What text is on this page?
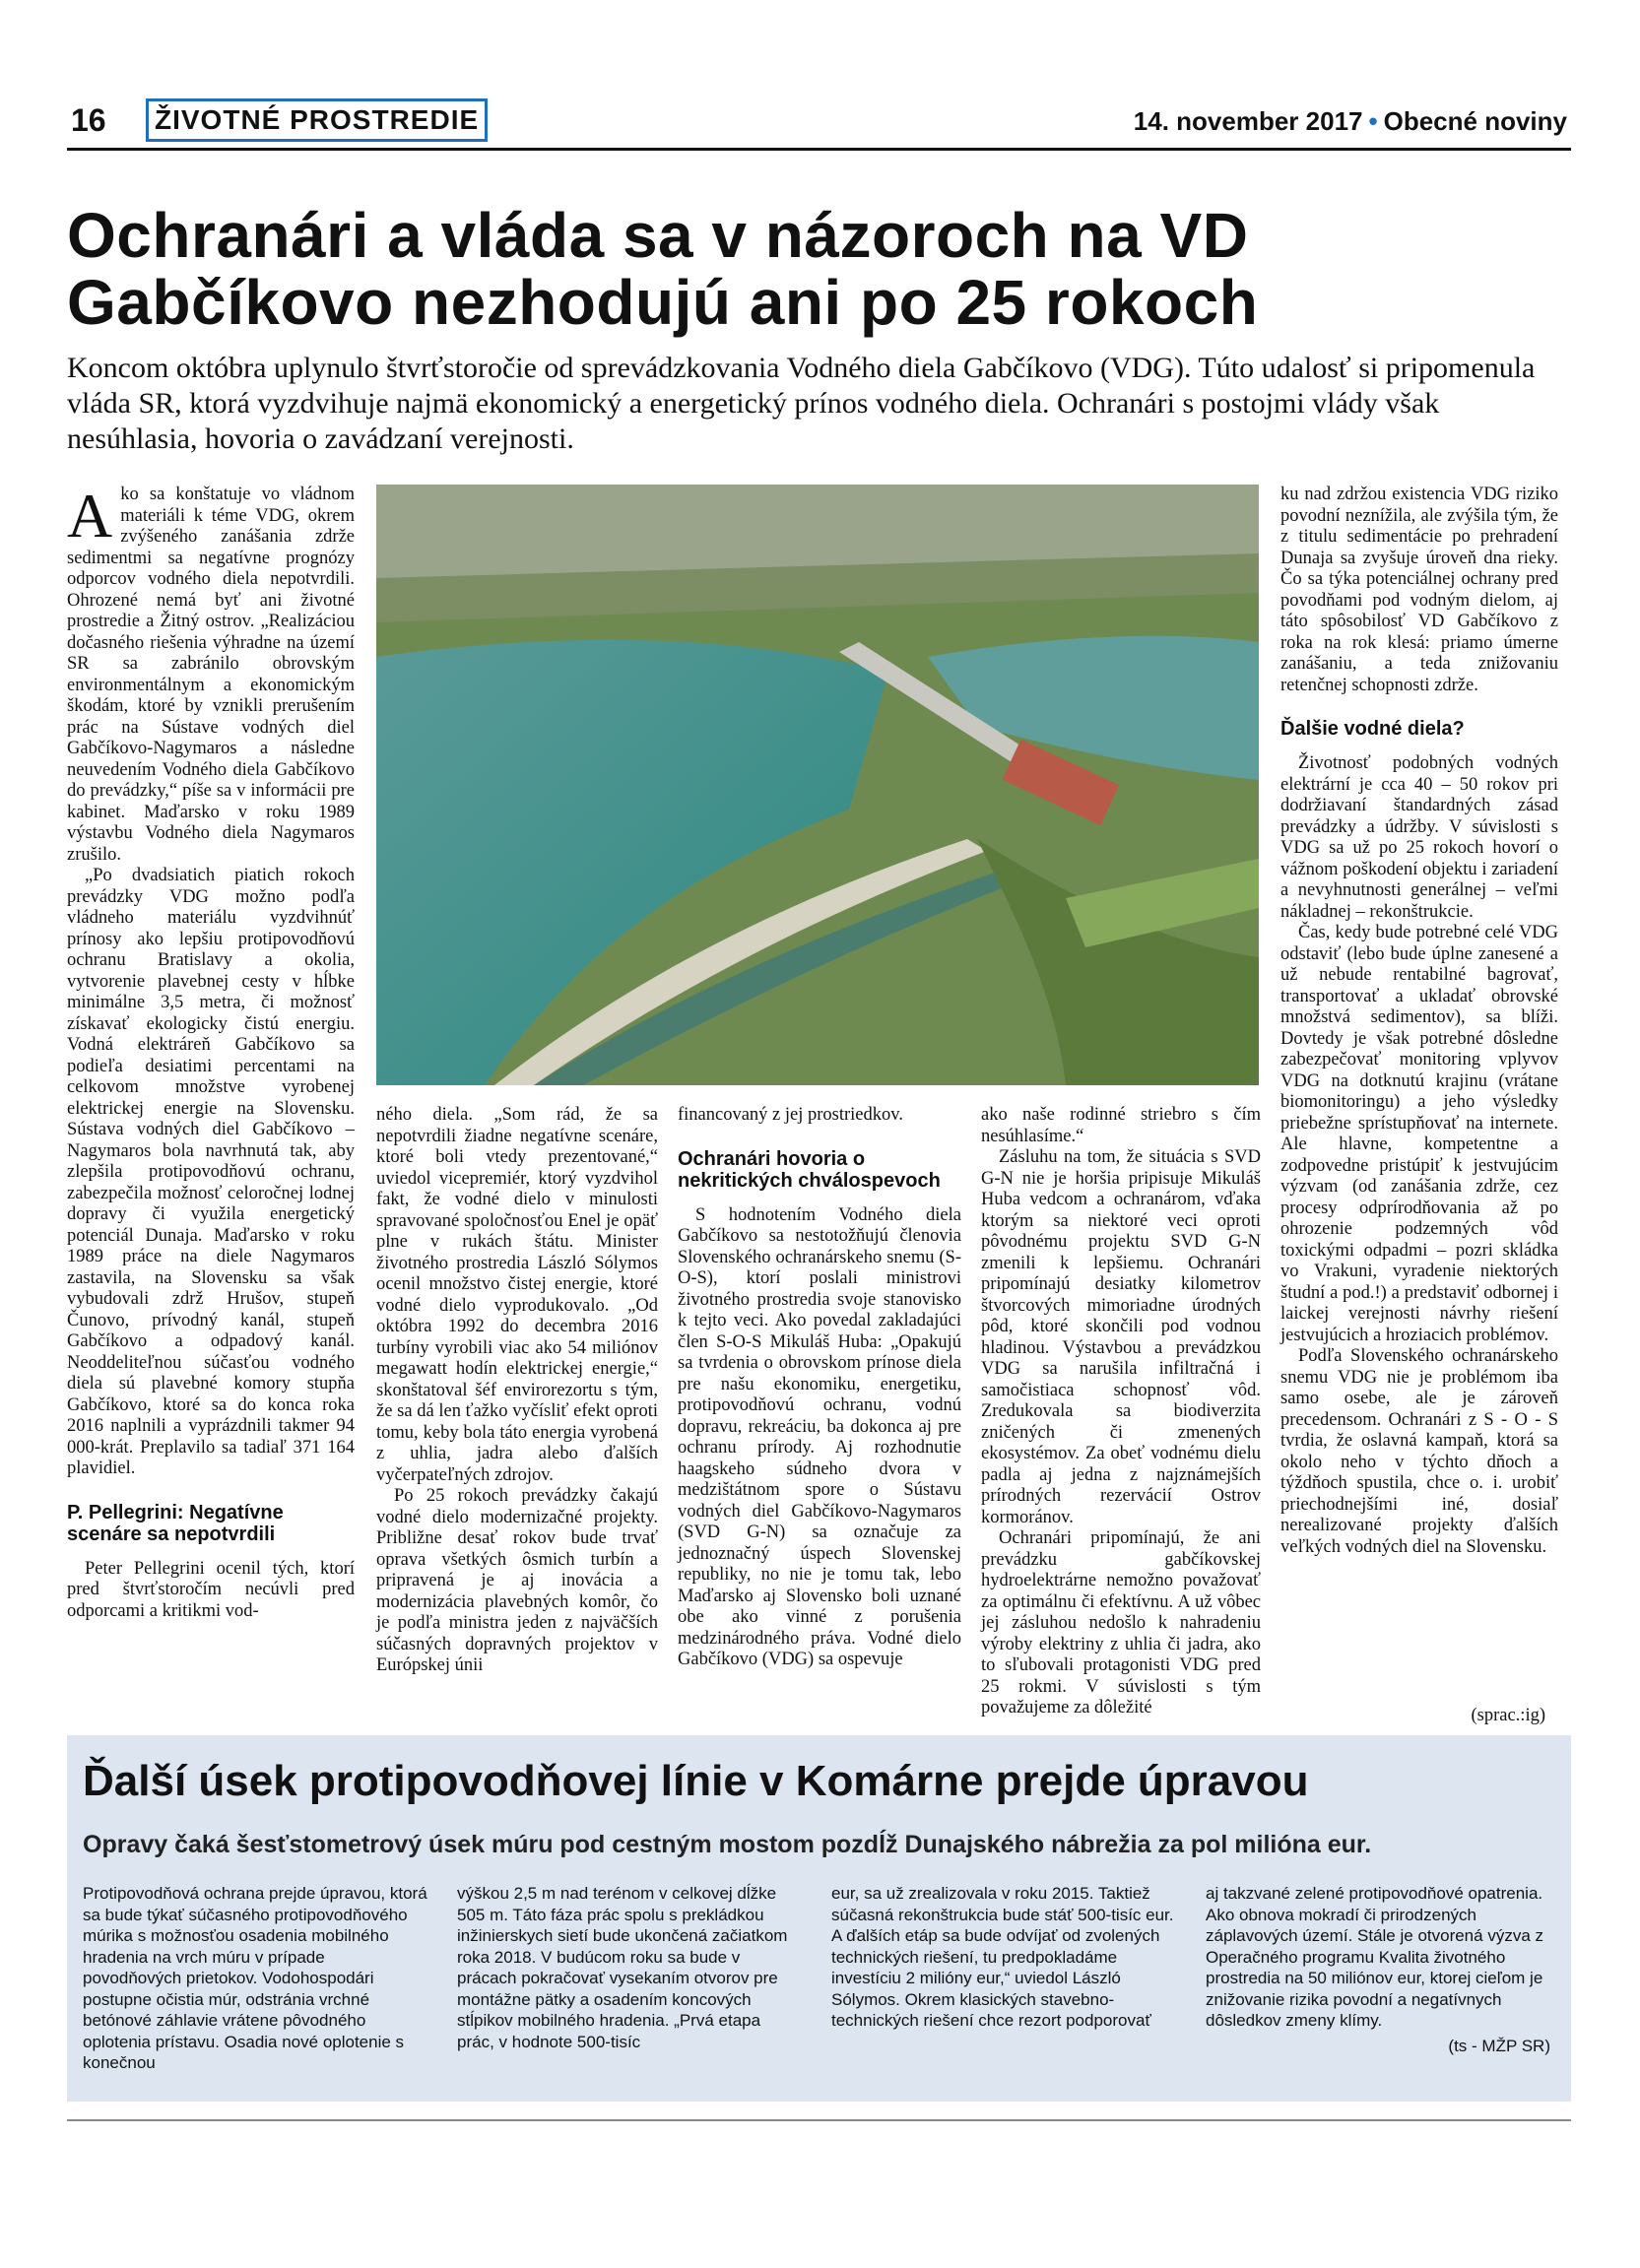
16	ŽIVOTNÉ PROSTREDIE	14. november 2017 • Obecné noviny
Ochranári a vláda sa v názoroch na VD
Gabčíkovo nezhodujú ani po 25 rokoch

Koncom októbra uplynulo štvrťstoročie od sprevádzkovania Vodného diela Gabčíkovo (VDG). Túto udalosť si pripomenula vláda SR, ktorá vyzdvihuje najmä ekonomický a energetický prínos vodného diela. Ochranári s postojmi vlády však nesúhlasia, hovoria o zavádzaní verejnosti.

Ako sa konštatuje vo vládnom materiáli k téme VDG, okrem zvýšeného zanášania zdrže sedimentmi sa negatívne prognózy odporcov vodného diela nepotvrdili. Ohrozené nemá byť ani životné prostredie a Žitný ostrov. „Realizáciou dočasného riešenia výhradne na území SR sa zabránilo obrovským environmentálnym a ekonomickým škodám, ktoré by vznikli prerušením prác na Sústave vodných diel Gabčíkovo-Nagymaros a následne neuvedením Vodného diela Gabčíkovo do prevádzky,“ píše sa v informácii pre kabinet. Maďarsko v roku 1989 výstavbu Vodného diela Nagymaros zrušilo.

„Po dvadsiatich piatich rokoch prevádzky VDG možno podľa vládneho materiálu vyzdvihnúť prínosy ako lepšiu protipovodňovú ochranu Bratislavy a okolia, vytvorenie plavebnej cesty v hĺbke minimálne 3,5 metra, či možnosť získavať ekologicky čistú energiu. Vodná elektráreň Gabčíkovo sa podieľa desiatimi percentami na celkovom množstve vyrobenej elektrickej energie na Slovensku. Sústava vodných diel Gabčíkovo – Nagymaros bola navrhnutá tak, aby zlepšila protipovodňovú ochranu, zabezpečila možnosť celoročnej lodnej dopravy či využila energetický potenciál Dunaja. Maďarsko v roku 1989 práce na diele Nagymaros zastavila, na Slovensku sa však vybudovali zdrž Hrušov, stupeň Čunovo, prívodný kanál, stupeň Gabčíkovo a odpadový kanál. Neoddeliteľnou súčasťou vodného diela sú plavebné komory stupňa Gabčíkovo, ktoré sa do konca roka 2016 naplnili a vyprázdnili takmer 94 000-krát. Preplavilo sa tadiaľ 371 164 plavidiel.

P. Pellegrini: Negatívne scenáre sa nepotvrdili

Peter Pellegrini ocenil tých, ktorí pred štvrťstoročím necúvli pred odporcami a kritikmi vod-

ného diela. „Som rád, že sa nepotvrdili žiadne negatívne scenáre, ktoré boli vtedy prezentované,“ uviedol vicepremiér, ktorý vyzdvihol fakt, že vodné dielo v minulosti spravované spoločnosťou Enel je opäť plne v rukách štátu. Minister životného prostredia László Sólymos ocenil množstvo čistej energie, ktoré vodné dielo vyprodukovalo. „Od októbra 1992 do decembra 2016 turbíny vyrobili viac ako 54 miliónov megawatt hodín elektrickej energie,“ skonštatoval šéf envirorezortu s tým, že sa dá len ťažko vyčísliť efekt oproti tomu, keby bola táto energia vyrobená z uhlia, jadra alebo ďalších vyčerpateľných zdrojov.

Po 25 rokoch prevádzky čakajú vodné dielo modernizačné projekty. Približne desať rokov bude trvať oprava všetkých ôsmich turbín a pripravená je aj inovácia a modernizácia plavebných komôr, čo je podľa ministra jeden z najväčších súčasných dopravných projektov v Európskej únii

financovaný z jej prostriedkov.

Ochranári hovoria o nekritických chválospevoch

S hodnotením Vodného diela Gabčíkovo sa nestotožňujú členovia Slovenského ochranárskeho snemu (S-O-S), ktorí poslali ministrovi životného prostredia svoje stanovisko k tejto veci. Ako povedal zakladajúci člen S-O-S Mikuláš Huba: „Opakujú sa tvrdenia o obrovskom prínose diela pre našu ekonomiku, energetiku, protipovodňovú ochranu, vodnú dopravu, rekreáciu, ba dokonca aj pre ochranu prírody. Aj rozhodnutie haagskeho súdneho dvora v medzištátnom spore o Sústavu vodných diel Gabčíkovo-Nagymaros (SVD G-N) sa označuje za jednoznačný úspech Slovenskej republiky, no nie je tomu tak, lebo Maďarsko aj Slovensko boli uznané obe ako vinné z porušenia medzinárodného práva. Vodné dielo Gabčíkovo (VDG) sa ospevuje

ako naše rodinné striebro s čím nesúhlasíme.“

Zásluhu na tom, že situácia s SVD G-N nie je horšia pripisuje Mikuláš Huba vedcom a ochranárom, vďaka ktorým sa niektoré veci oproti pôvodnému projektu SVD G-N zmenili k lepšiemu. Ochranári pripomínajú desiatky kilometrov štvorcových mimoriadne úrodných pôd, ktoré skončili pod vodnou hladinou. Výstavbou a prevádzkou VDG sa narušila infiltračná i samočistiaca schopnosť vôd. Zredukovala sa biodiverzita zničených či zmenených ekosystémov. Za obeť vodnému dielu padla aj jedna z najznámejších prírodných rezervácií Ostrov kormoránov.

Ochranári pripomínajú, že ani prevádzku gabčíkovskej hydroelektrárne nemožno považovať za optimálnu či efektívnu. A už vôbec jej zásluhou nedošlo k nahradeniu výroby elektriny z uhlia či jadra, ako to sľubovali protagonisti VDG pred 25 rokmi. V súvislosti s tým považujeme za dôležité

ku nad zdržou existencia VDG riziko povodní neznížila, ale zvýšila tým, že z titulu sedimentácie po prehradení Dunaja sa zvyšuje úroveň dna rieky. Čo sa týka potenciálnej ochrany pred povodňami pod vodným dielom, aj táto spôsobilosť VD Gabčíkovo z roka na rok klesá: priamo úmerne zanášaniu, a teda znižovaniu retenčnej schopnosti zdrže.

Ďalšie vodné diela?

Životnosť podobných vodných elektrární je cca 40 – 50 rokov pri dodržiavaní štandardných zásad prevádzky a údržby. V súvislosti s VDG sa už po 25 rokoch hovorí o vážnom poškodení objektu i zariadení a nevyhnutnosti generálnej – veľmi nákladnej – rekonštrukcie.

Čas, kedy bude potrebné celé VDG odstaviť (lebo bude úplne zanesené a už nebude rentabilné bagrovať, transportovať a ukladať obrovské množstvá sedimentov), sa blíži. Dovtedy je však potrebné dôsledne zabezpečovať monitoring vplyvov VDG na dotknutú krajinu (vrátane biomonitoringu) a jeho výsledky priebežne sprístupňovať na internete. Ale hlavne, kompetentne a zodpovedne pristúpiť k jestvujúcim výzvam (od zanášania zdrže, cez procesy odprírodňovania až po ohrozenie podzemných vôd toxickými odpadmi – pozri skládka vo Vrakuni, vyradenie niektorých študní a pod.!) a predstaviť odbornej i laickej verejnosti návrhy riešení jestvujúcich a hroziacich problémov.

Podľa Slovenského ochranárskeho snemu VDG nie je problémom iba samo osebe, ale je zároveň precedensom. Ochranári z S - O - S tvrdia, že oslavná kampaň, ktorá sa okolo neho v týchto dňoch a týždňoch spustila, chce o. i. urobiť priechodnejšími iné, dosiaľ nerealizované projekty ďalších veľkých vodných diel na Slovensku.

(sprac.:ig)
Ďalší úsek protipovodňovej línie v Komárne prejde úpravou

Opravy čaká šesťstometrový úsek múru pod cestným mostom pozdĺž Dunajského nábrežia za pol milióna eur.

Protipovodňová ochrana prejde úpravou, ktorá sa bude týkať súčasného protipovodňového múrika s možnosťou osadenia mobilného hradenia na vrch múru v prípade povodňových prietokov. Vodohospodári postupne očistia múr, odstránia vrchné betónové záhlavie vrátene pôvodného oplotenia prístavu. Osadia nové oplotenie s konečnou

výškou 2,5 m nad terénom v celkovej dĺžke 505 m. Táto fáza prác spolu s prekládkou inžinierskych sietí bude ukončená začiatkom roka 2018. V budúcom roku sa bude v prácach pokračovať vysekaním otvorov pre montážne pätky a osadením koncových stĺpikov mobilného hradenia. „Prvá etapa prác, v hodnote 500-tisíc

eur, sa už zrealizovala v roku 2015. Taktiež súčasná rekonštrukcia bude stáť 500-tisíc eur. A ďalších etáp sa bude odvíjať od zvolených technických riešení, tu predpokladáme investíciu 2 milióny eur,“ uviedol László Sólymos. Okrem klasických stavebno-technických riešení chce rezort podporovať

aj takzvané zelené protipovodňové opatrenia. Ako obnova mokradí či prirodzených záplavových území. Stále je otvorená výzva z Operačného programu Kvalita životného prostredia na 50 miliónov eur, ktorej cieľom je znižovanie rizika povodní a negatívnych dôsledkov zmeny klímy.

(ts - MŽP SR)
